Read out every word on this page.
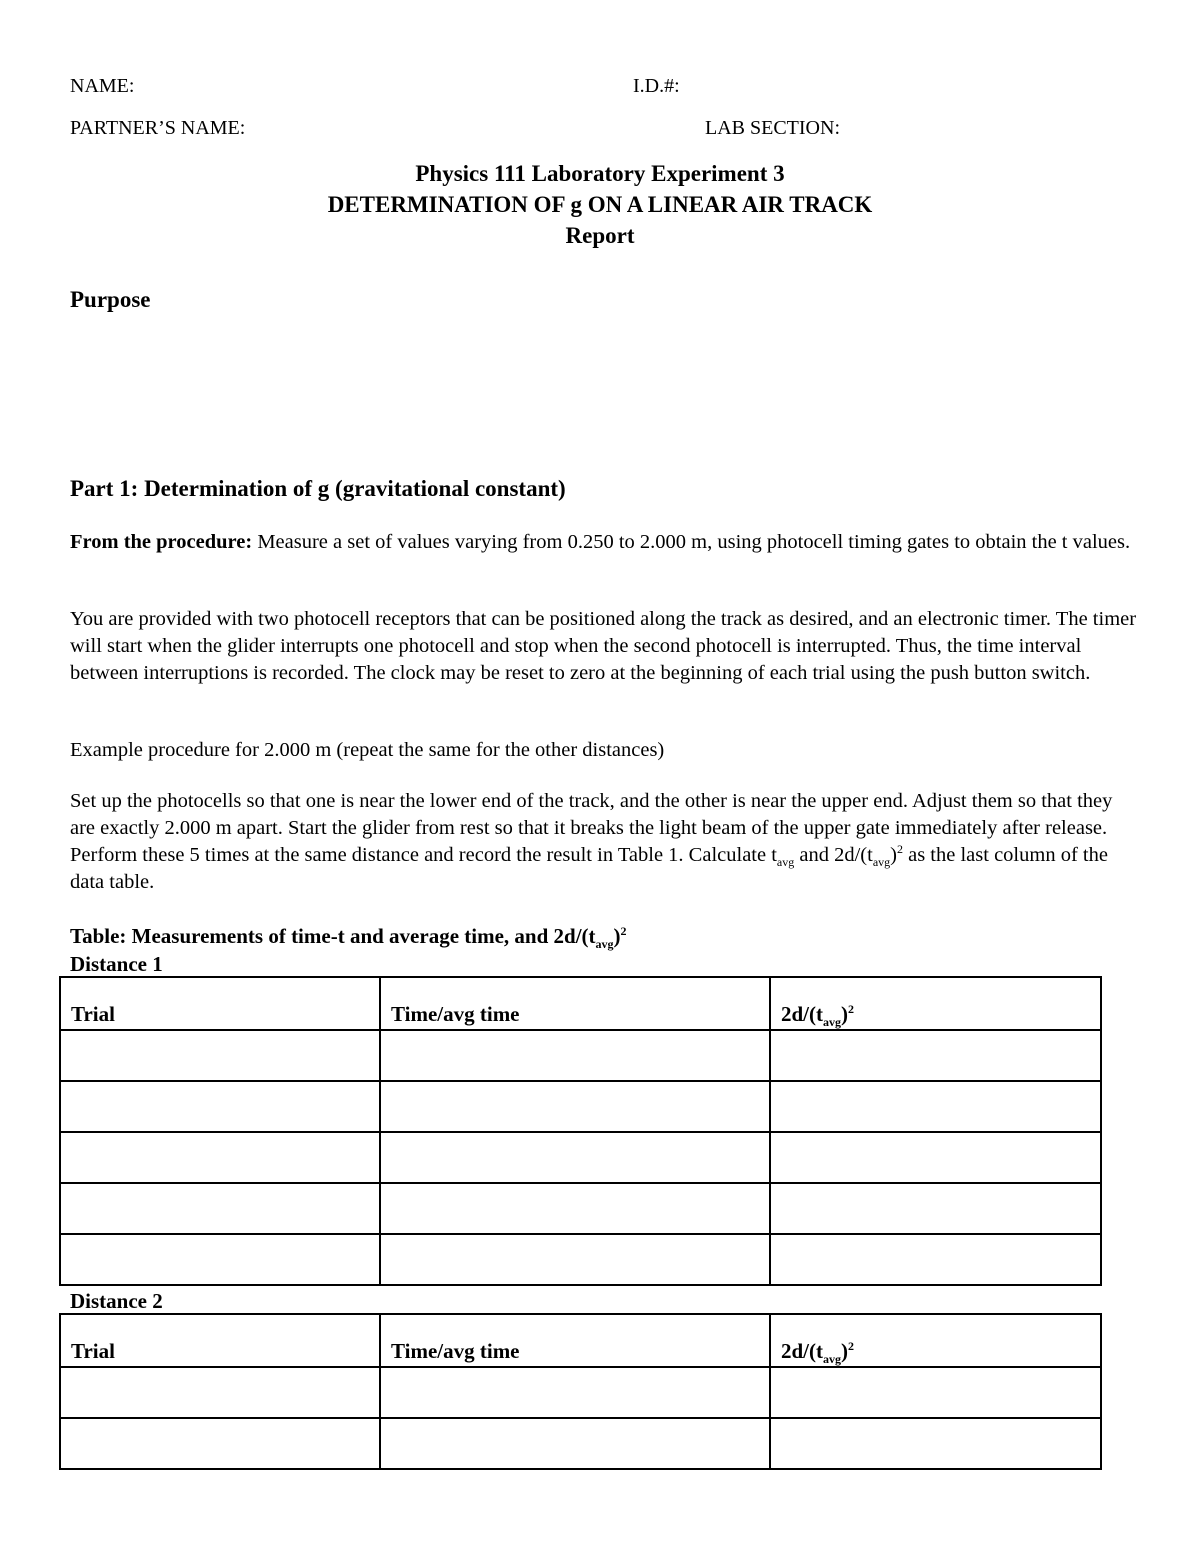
NAME:	I.D.#:
PARTNER’S NAME:	LAB SECTION:
Physics 111 Laboratory Experiment 3
DETERMINATION OF g ON A LINEAR AIR TRACK
Report
Purpose
Part 1: Determination of g (gravitational constant)
From the procedure: Measure a set of values varying from 0.250 to 2.000 m, using photocell timing gates to obtain the t values.
You are provided with two photocell receptors that can be positioned along the track as desired, and an electronic timer. The timer will start when the glider interrupts one photocell and stop when the second photocell is interrupted. Thus, the time interval between interruptions is recorded. The clock may be reset to zero at the beginning of each trial using the push button switch.
Example procedure for 2.000 m (repeat the same for the other distances)
Set up the photocells so that one is near the lower end of the track, and the other is near the upper end. Adjust them so that they are exactly 2.000 m apart. Start the glider from rest so that it breaks the light beam of the upper gate immediately after release. Perform these 5 times at the same distance and record the result in Table 1. Calculate $t_{avg}$ and $2d/(t_{avg})^2$ as the last column of the data table.
Table: Measurements of time-t and average time, and $2d/(t_{avg})^2$
Distance 1
Trial	Time/avg time	$2d/(t_{avg})^2$

Distance 2
Trial	Time/avg time	$2d/(t_{avg})^2$
